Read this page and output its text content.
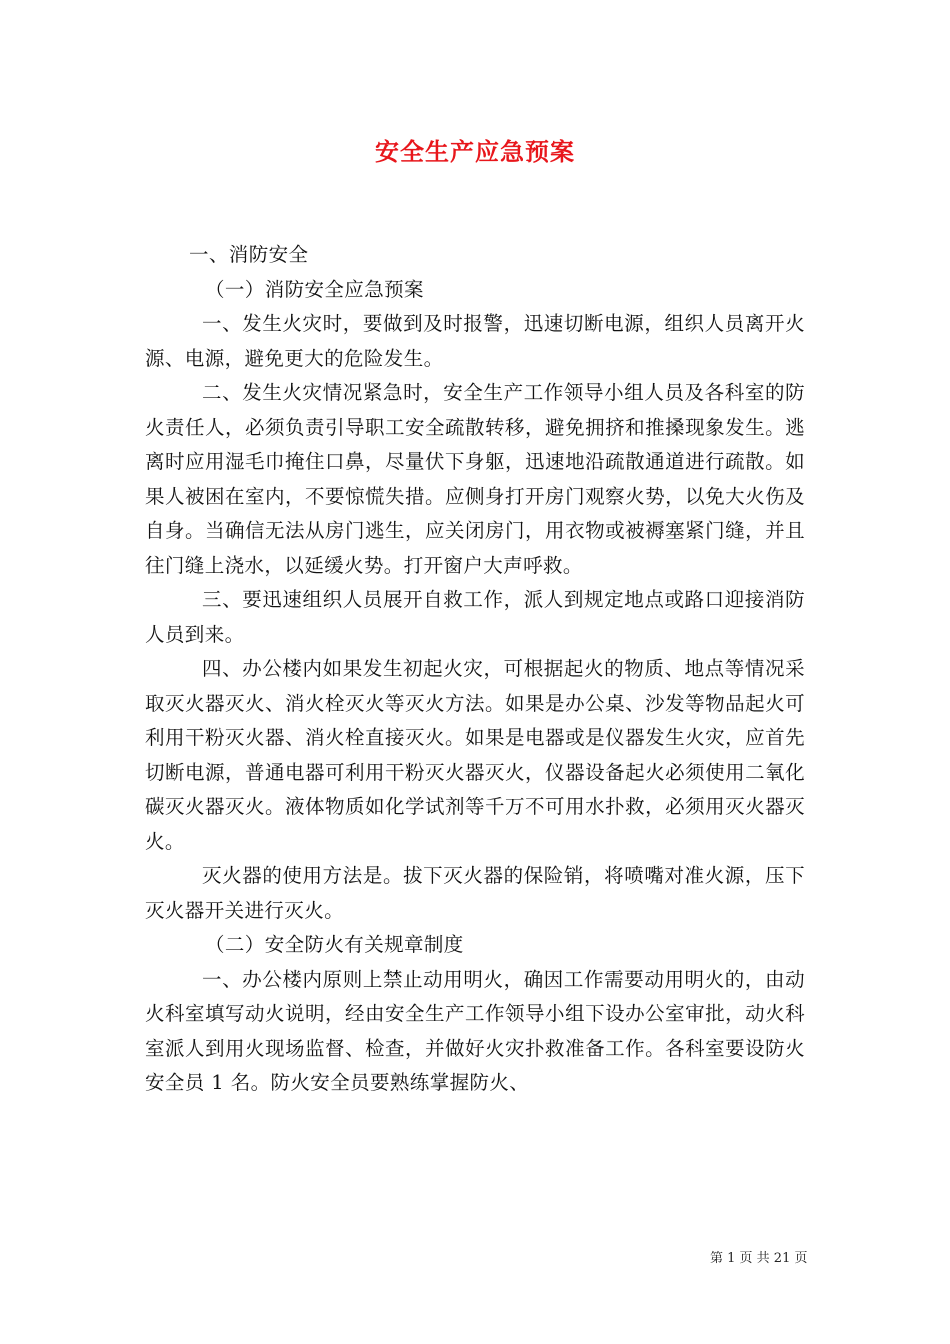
安全生产应急预案

一、消防安全

（一）消防安全应急预案

一、发生火灾时，要做到及时报警，迅速切断电源，组织人员离开火源、电源，避免更大的危险发生。

二、发生火灾情况紧急时，安全生产工作领导小组人员及各科室的防火责任人，必须负责引导职工安全疏散转移，避免拥挤和推搡现象发生。逃离时应用湿毛巾掩住口鼻，尽量伏下身躯，迅速地沿疏散通道进行疏散。如果人被困在室内，不要惊慌失措。应侧身打开房门观察火势，以免大火伤及自身。当确信无法从房门逃生，应关闭房门，用衣物或被褥塞紧门缝，并且往门缝上浇水，以延缓火势。打开窗户大声呼救。

三、要迅速组织人员展开自救工作，派人到规定地点或路口迎接消防人员到来。

四、办公楼内如果发生初起火灾，可根据起火的物质、地点等情况采取灭火器灭火、消火栓灭火等灭火方法。如果是办公桌、沙发等物品起火可利用干粉灭火器、消火栓直接灭火。如果是电器或是仪器发生火灾，应首先切断电源，普通电器可利用干粉灭火器灭火，仪器设备起火必须使用二氧化碳灭火器灭火。液体物质如化学试剂等千万不可用水扑救，必须用灭火器灭火。

灭火器的使用方法是。拔下灭火器的保险销，将喷嘴对准火源，压下灭火器开关进行灭火。

（二）安全防火有关规章制度

一、办公楼内原则上禁止动用明火，确因工作需要动用明火的，由动火科室填写动火说明，经由安全生产工作领导小组下设办公室审批，动火科室派人到用火现场监督、检查，并做好火灾扑救准备工作。各科室要设防火安全员 1 名。防火安全员要熟练掌握防火、

第 1 页 共 21 页
